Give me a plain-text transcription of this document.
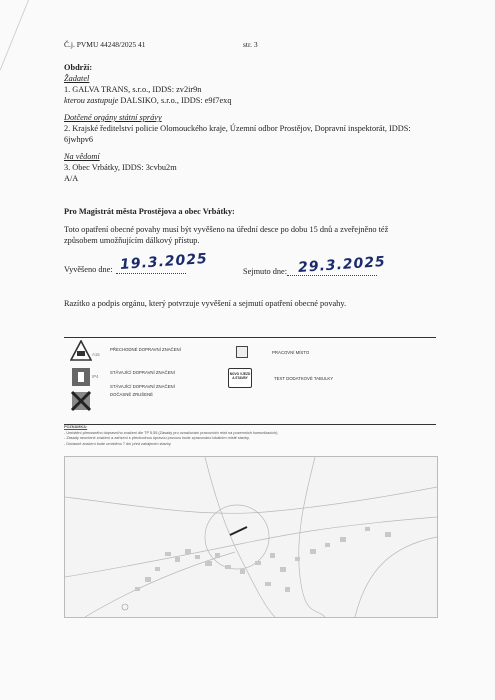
Č.j. PVMU 44248/2025 41	str. 3
Obdrží:
Žadatel
1. GALVA TRANS, s.r.o., IDDS: zv2ir9n
kterou zastupuje DALSIKO, s.r.o., IDDS: e9f7exq
Dotčené orgány státní správy
2. Krajské ředitelství policie Olomouckého kraje, Územní odbor Prostějov, Dopravní inspektorát, IDDS:
6jwhpv6
Na vědomí
3. Obec Vrbátky, IDDS: 3cvbu2m
A/A
Pro Magistrát města Prostějova a obec Vrbátky:
Toto opatření obecné povahy musí být vyvěšeno na úřední desce po dobu 15 dnů a zveřejněno též
způsobem umožňujícím dálkový přístup.
Vyvěšeno dne: 19.3.2025	Sejmuto dne: 29.3.2025
Razítko a podpis orgánu, který potvrzuje vyvěšení a sejmutí opatření obecné povahy.
A15
PŘECHODNÉ DOPRAVNÍ ZNAČENÍ
IP4
STÁVAJÍCÍ DOPRAVNÍ ZNAČENÍ
STÁVAJÍCÍ DOPRAVNÍ ZNAČENÍ
DOČASNĚ ZRUŠENÉ
PRACOVNÍ MÍSTO
NOVO VJEZD A STAVBY	TEXT DODATKOVÉ TABULKY
POZNÁMKA:
- Umístění přenosného dopravního značení dle TP 5.55 (Zásady pro označování pracovních míst na pozemních komunikacích).
- Zásady neurčené značení a zařízení s přechodnou úpravou provozu bude zpracováno lokálním místě stavby.
- Dočasné značení bude umístěno 7 dní před zahájením stavby.
